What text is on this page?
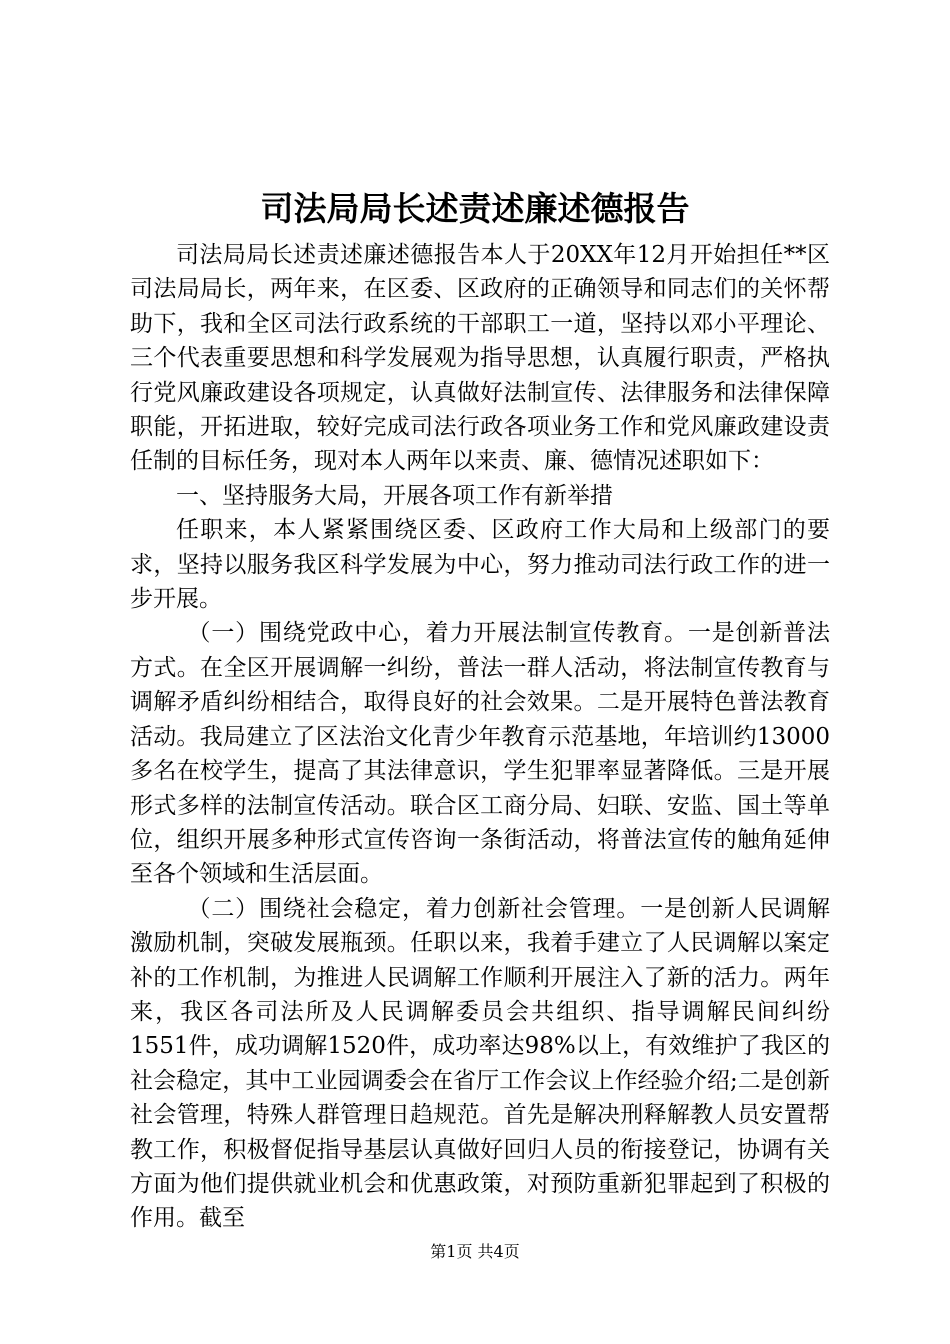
司法局局长述责述廉述德报告

司法局局长述责述廉述德报告本人于20XX年12月开始担任**区司法局局长，两年来，在区委、区政府的正确领导和同志们的关怀帮助下，我和全区司法行政系统的干部职工一道，坚持以邓小平理论、三个代表重要思想和科学发展观为指导思想，认真履行职责，严格执行党风廉政建设各项规定，认真做好法制宣传、法律服务和法律保障职能，开拓进取，较好完成司法行政各项业务工作和党风廉政建设责任制的目标任务，现对本人两年以来责、廉、德情况述职如下：

一、坚持服务大局，开展各项工作有新举措

任职来，本人紧紧围绕区委、区政府工作大局和上级部门的要求，坚持以服务我区科学发展为中心，努力推动司法行政工作的进一步开展。

（一）围绕党政中心，着力开展法制宣传教育。一是创新普法方式。在全区开展调解一纠纷，普法一群人活动，将法制宣传教育与调解矛盾纠纷相结合，取得良好的社会效果。二是开展特色普法教育活动。我局建立了区法治文化青少年教育示范基地，年培训约13000多名在校学生，提高了其法律意识，学生犯罪率显著降低。三是开展形式多样的法制宣传活动。联合区工商分局、妇联、安监、国土等单位，组织开展多种形式宣传咨询一条街活动，将普法宣传的触角延伸至各个领域和生活层面。

（二）围绕社会稳定，着力创新社会管理。一是创新人民调解激励机制，突破发展瓶颈。任职以来，我着手建立了人民调解以案定补的工作机制，为推进人民调解工作顺利开展注入了新的活力。两年来，我区各司法所及人民调解委员会共组织、指导调解民间纠纷1551件，成功调解1520件，成功率达98%以上，有效维护了我区的社会稳定，其中工业园调委会在省厅工作会议上作经验介绍;二是创新社会管理，特殊人群管理日趋规范。首先是解决刑释解教人员安置帮教工作，积极督促指导基层认真做好回归人员的衔接登记，协调有关方面为他们提供就业机会和优惠政策，对预防重新犯罪起到了积极的作用。截至

第1页 共4页
